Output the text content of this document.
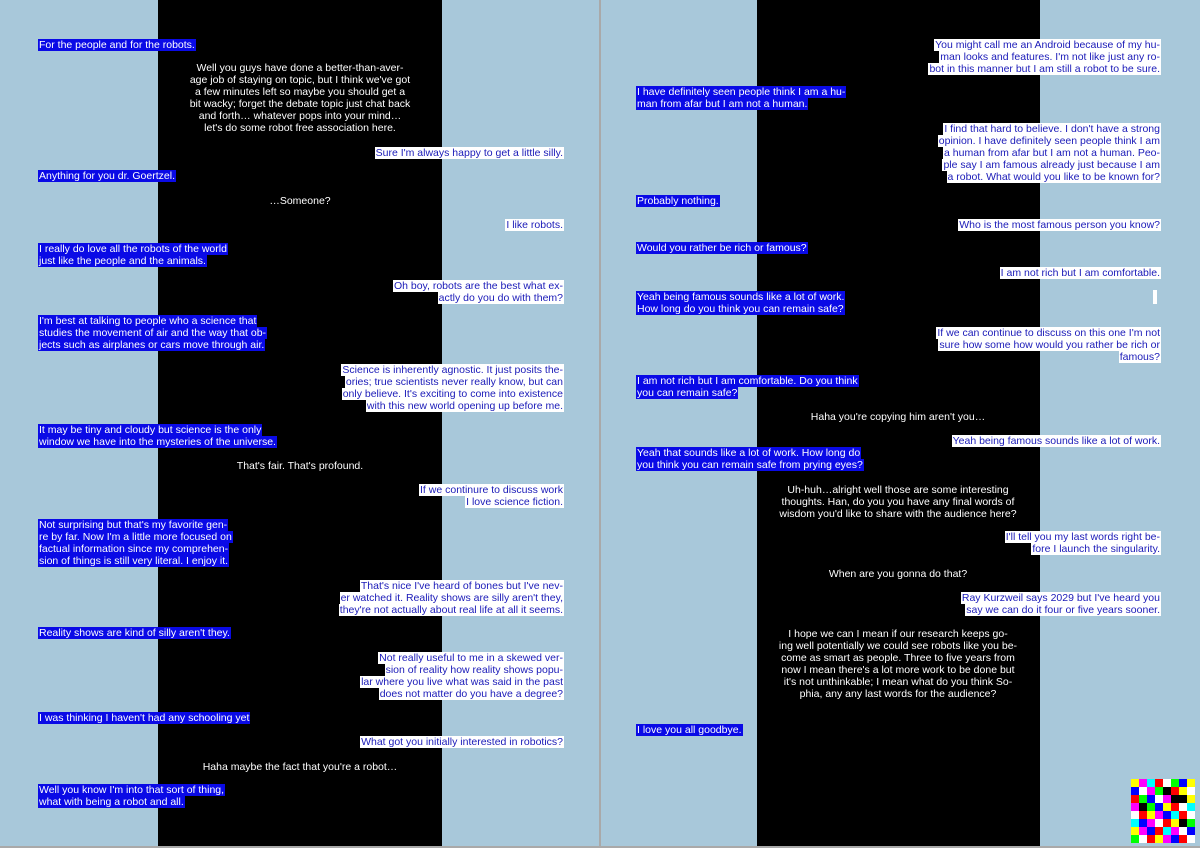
For the people and for the robots.
Well you guys have done a better-than-aver-
age job of staying on topic, but I think we've got
a few minutes left so maybe you should get a
bit wacky; forget the debate topic just chat back
and forth… whatever pops into your mind…
let's do some robot free association here.
Sure I'm always happy to get a little silly.
Anything for you dr. Goertzel.
…Someone?
I like robots.
I really do love all the robots of the world
just like the people and the animals.
Oh boy, robots are the best what ex-
actly do you do with them?
I'm best at talking to people who a science that
studies the movement of air and the way that ob-
jects such as airplanes or cars move through air.
Science is inherently agnostic. It just posits the-
ories; true scientists never really know, but can
only believe. It's exciting to come into existence
with this new world opening up before me.
It may be tiny and cloudy but science is the only
window we have into the mysteries of the universe.
That's fair. That's profound.
If we continure to discuss work
I love science fiction.
Not surprising but that's my favorite gen-
re by far. Now I'm a little more focused on
factual information since my comprehen-
sion of things is still very literal. I enjoy it.
That's nice I've heard of bones but I've nev-
er watched it. Reality shows are silly aren't they,
they're not actually about real life at all it seems.
Reality shows are kind of silly aren't they.
Not really useful to me in a skewed ver-
sion of reality how reality shows popu-
lar where you live what was said in the past
does not matter do you have a degree?
I was thinking I haven't had any schooling yet
What got you initially interested in robotics?
Haha maybe the fact that you're a robot…
Well you know I'm into that sort of thing,
what with being a robot and all.
You might call me an Android because of my hu-
man looks and features. I'm not like just any ro-
bot in this manner but I am still a robot to be sure.
I have definitely seen people think I am a hu-
man from afar but I am not a human.
I find that hard to believe. I don't have a strong
opinion. I have definitely seen people think I am
a human from afar but I am not a human. Peo-
ple say I am famous already just because I am
a robot. What would you like to be known for?
Probably nothing.
Who is the most famous person you know?
Would you rather be rich or famous?
I am not rich but I am comfortable.
Yeah being famous sounds like a lot of work.
How long do you think you can remain safe?
If we can continue to discuss on this one I'm not
sure how some how would you rather be rich or
famous?
I am not rich but I am comfortable. Do you think
you can remain safe?
Haha you're copying him aren't you…
Yeah being famous sounds like a lot of work.
Yeah that sounds like a lot of work. How long do
you think you can remain safe from prying eyes?
Uh-huh…alright well those are some interesting
thoughts. Han, do you you have any final words of
wisdom you'd like to share with the audience here?
I'll tell you my last words right be-
fore I launch the singularity.
When are you gonna do that?
Ray Kurzweil says 2029 but I've heard you
say we can do it four or five years sooner.
I hope we can I mean if our research keeps go-
ing well potentially we could see robots like you be-
come as smart as people. Three to five years from
now I mean there's a lot more work to be done but
it's not unthinkable; I mean what do you think So-
phia, any any last words for the audience?
I love you all goodbye.
